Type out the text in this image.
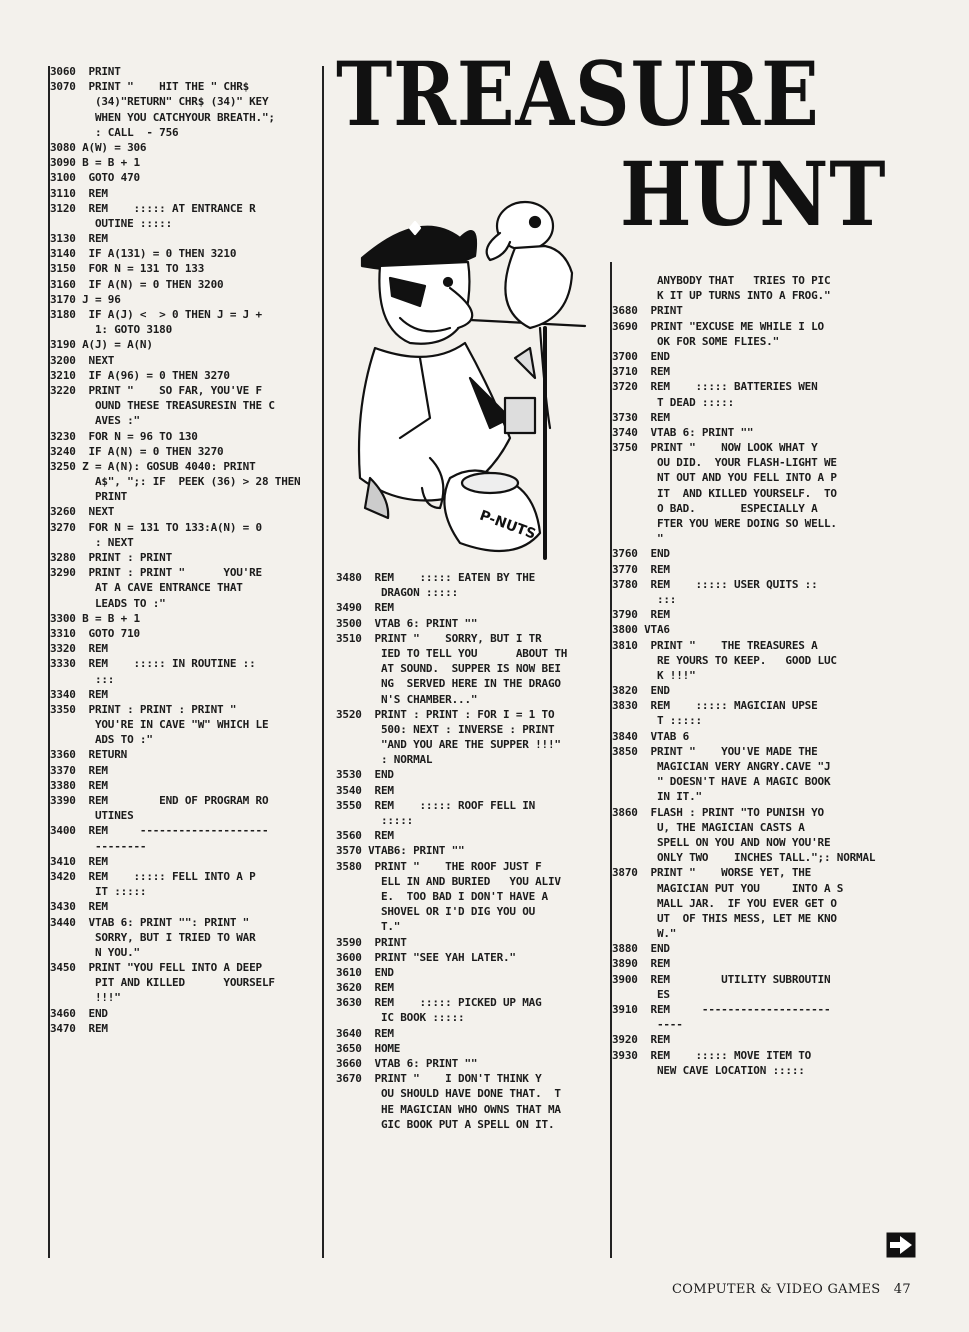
3060  PRINT
3070  PRINT "    HIT THE " CHR$
(34)"RETURN" CHR$ (34)" KEY
WHEN YOU CATCHYOUR BREATH.";
: CALL  - 756
3080 A(W) = 306
3090 B = B + 1
3100  GOTO 470
3110  REM
3120  REM    ::::: AT ENTRANCE R
OUTINE :::::
3130  REM
3140  IF A(131) = 0 THEN 3210
3150  FOR N = 131 TO 133
3160  IF A(N) = 0 THEN 3200
3170 J = 96
3180  IF A(J) <  > 0 THEN J = J +
1: GOTO 3180
3190 A(J) = A(N)
3200  NEXT
3210  IF A(96) = 0 THEN 3270
3220  PRINT "    SO FAR, YOU'VE F
OUND THESE TREASURESIN THE C
AVES :"
3230  FOR N = 96 TO 130
3240  IF A(N) = 0 THEN 3270
3250 Z = A(N): GOSUB 4040: PRINT
A$", ";: IF  PEEK (36) > 28 THEN
PRINT
3260  NEXT
3270  FOR N = 131 TO 133:A(N) = 0
: NEXT
3280  PRINT : PRINT
3290  PRINT : PRINT "      YOU'RE
AT A CAVE ENTRANCE THAT
LEADS TO :"
3300 B = B + 1
3310  GOTO 710
3320  REM
3330  REM    ::::: IN ROUTINE ::
:::
3340  REM
3350  PRINT : PRINT : PRINT "
YOU'RE IN CAVE "W" WHICH LE
ADS TO :"
3360  RETURN
3370  REM
3380  REM
3390  REM        END OF PROGRAM RO
UTINES
3400  REM     --------------------
--------
3410  REM
3420  REM    ::::: FELL INTO A P
IT :::::
3430  REM
3440  VTAB 6: PRINT "": PRINT "
SORRY, BUT I TRIED TO WAR
N YOU."
3450  PRINT "YOU FELL INTO A DEEP
PIT AND KILLED      YOURSELF
!!!"
3460  END
3470  REM
TREASURE
HUNT
P-NUTS
3480  REM    ::::: EATEN BY THE
DRAGON :::::
3490  REM
3500  VTAB 6: PRINT ""
3510  PRINT "    SORRY, BUT I TR
IED TO TELL YOU      ABOUT TH
AT SOUND.  SUPPER IS NOW BEI
NG  SERVED HERE IN THE DRAGO
N'S CHAMBER..."
3520  PRINT : PRINT : FOR I = 1 TO
500: NEXT : INVERSE : PRINT
"AND YOU ARE THE SUPPER !!!"
: NORMAL
3530  END
3540  REM
3550  REM    ::::: ROOF FELL IN
:::::
3560  REM
3570 VTAB6: PRINT ""
3580  PRINT "    THE ROOF JUST F
ELL IN AND BURIED   YOU ALIV
E.  TOO BAD I DON'T HAVE A
SHOVEL OR I'D DIG YOU OU
T."
3590  PRINT
3600  PRINT "SEE YAH LATER."
3610  END
3620  REM
3630  REM    ::::: PICKED UP MAG
IC BOOK :::::
3640  REM
3650  HOME
3660  VTAB 6: PRINT ""
3670  PRINT "    I DON'T THINK Y
OU SHOULD HAVE DONE THAT.  T
HE MAGICIAN WHO OWNS THAT MA
GIC BOOK PUT A SPELL ON IT.
ANYBODY THAT   TRIES TO PIC
K IT UP TURNS INTO A FROG."
3680  PRINT
3690  PRINT "EXCUSE ME WHILE I LO
OK FOR SOME FLIES."
3700  END
3710  REM
3720  REM    ::::: BATTERIES WEN
T DEAD :::::
3730  REM
3740  VTAB 6: PRINT ""
3750  PRINT "    NOW LOOK WHAT Y
OU DID.  YOUR FLASH-LIGHT WE
NT OUT AND YOU FELL INTO A P
IT  AND KILLED YOURSELF.  TO
O BAD.       ESPECIALLY A
FTER YOU WERE DOING SO WELL.
"
3760  END
3770  REM
3780  REM    ::::: USER QUITS ::
:::
3790  REM
3800 VTA6
3810  PRINT "    THE TREASURES A
RE YOURS TO KEEP.   GOOD LUC
K !!!"
3820  END
3830  REM    ::::: MAGICIAN UPSE
T :::::
3840  VTAB 6
3850  PRINT "    YOU'VE MADE THE
MAGICIAN VERY ANGRY.CAVE "J
" DOESN'T HAVE A MAGIC BOOK
IN IT."
3860  FLASH : PRINT "TO PUNISH YO
U, THE MAGICIAN CASTS A
SPELL ON YOU AND NOW YOU'RE
ONLY TWO    INCHES TALL.";: NORMAL
3870  PRINT "    WORSE YET, THE
MAGICIAN PUT YOU     INTO A S
MALL JAR.  IF YOU EVER GET O
UT  OF THIS MESS, LET ME KNO
W."
3880  END
3890  REM
3900  REM        UTILITY SUBROUTIN
ES
3910  REM     --------------------
----
3920  REM
3930  REM    ::::: MOVE ITEM TO
NEW CAVE LOCATION :::::
COMPUTER & VIDEO GAMES 47
